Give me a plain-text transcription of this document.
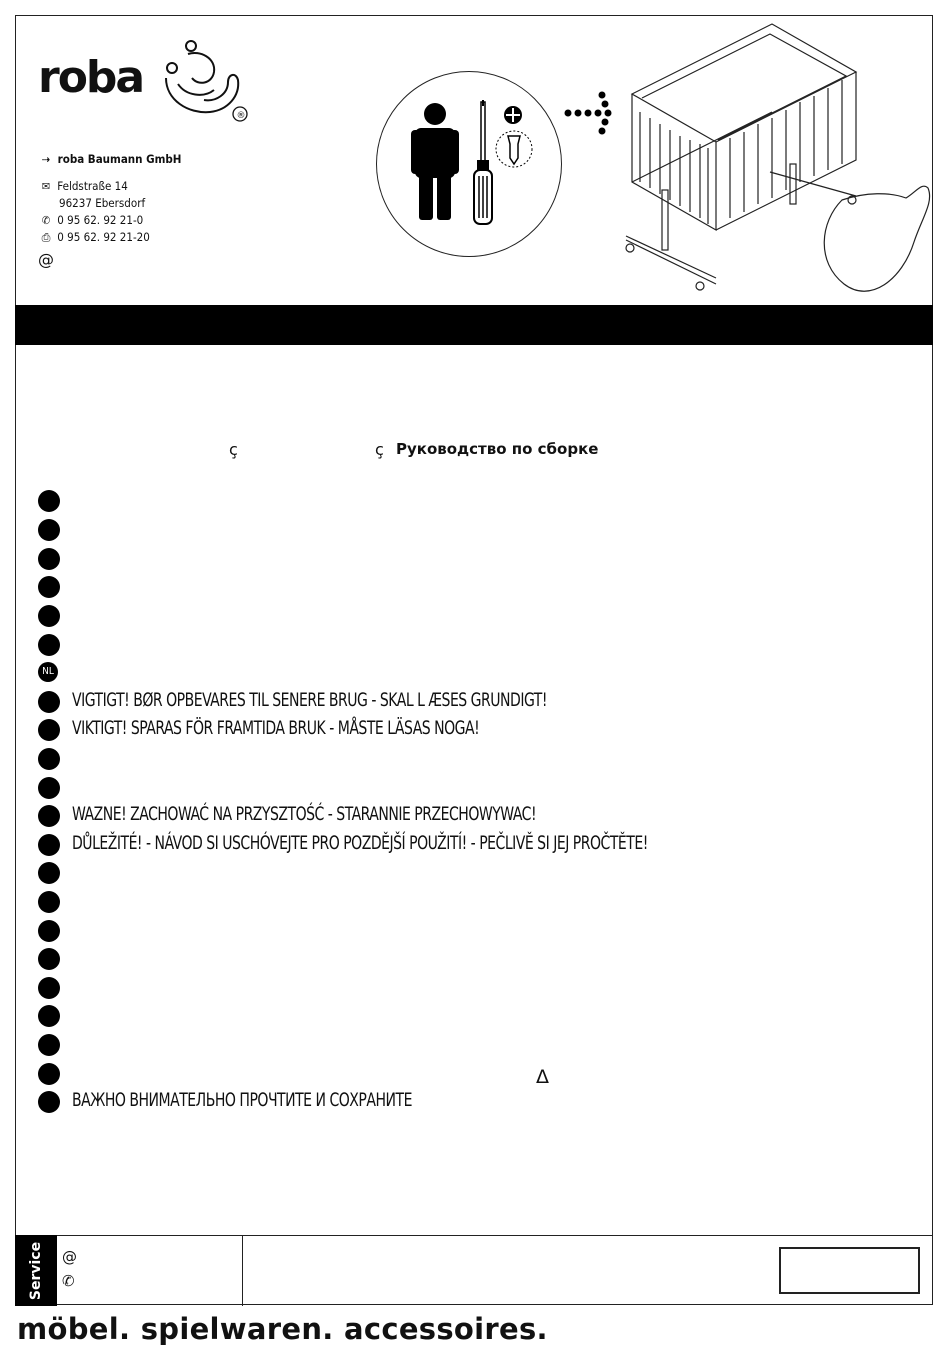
roba
®
⇢ roba Baumann GmbH
✉ Feldstraße 14
96237 Ebersdorf
✆ 0 95 62. 92 21-0
⎙ 0 95 62. 92 21-20
@
ç	ç Руководство по сборке
NL
VIGTIGT! BØR OPBEVARES TIL SENERE BRUG - SKAL L ÆSES GRUNDIGT!
VIKTIGT! SPARAS FÖR FRAMTIDA BRUK - MÅSTE LÄSAS NOGA!
WAZNE! ZACHOWAĆ NA PRZYSZTOŚĆ - STARANNIE PRZECHOWYWAC!
DŮLEŽITÉ! - NÁVOD SI USCHÓVEJTE PRO POZDĚJŠÍ POUŽITÍ! - PEČLIVĚ SI JEJ PROČTĚTE!
ВАЖНО ВНИМАТЕЛЬНО ПРОЧТИТЕ И СОХРАНИТЕ
Δ
Service @
✆
möbel. spielwaren. accessoires.
